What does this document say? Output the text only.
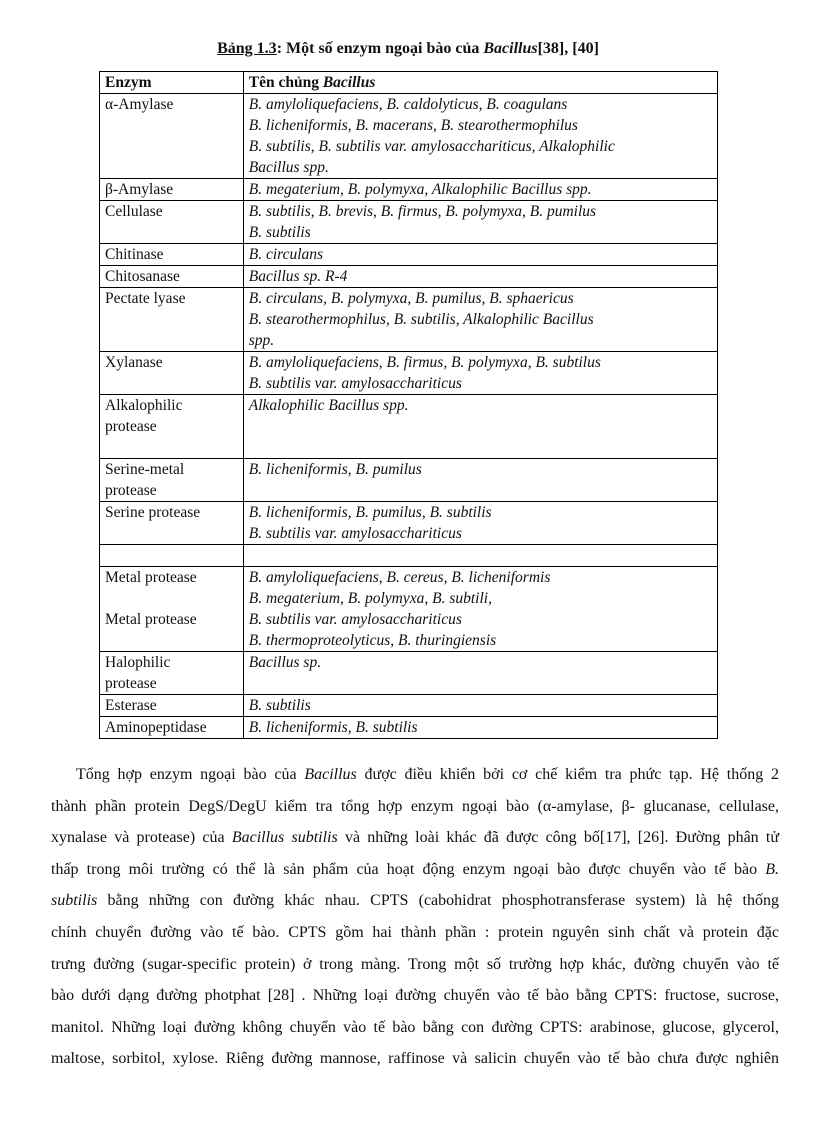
Bảng 1.3: Một số enzym ngoại bào của Bacillus[38], [40]
Enzym	Tên chủng Bacillus

α-Amylase	B. amyloliquefaciens, B. caldolyticus, B. coagulans
B. licheniformis, B. macerans, B. stearothermophilus
B. subtilis, B. subtilis var. amylosacchariticus, Alkalophilic
Bacillus spp.

β-Amylase	B. megaterium, B. polymyxa, Alkalophilic Bacillus spp.

Cellulase	B. subtilis, B. brevis, B. firmus, B. polymyxa, B. pumilus
B. subtilis

Chitinase	B. circulans

Chitosanase	Bacillus sp. R-4

Pectate lyase	B. circulans, B. polymyxa, B. pumilus, B. sphaericus
B. stearothermophilus, B. subtilis, Alkalophilic Bacillus
spp.

Xylanase	B. amyloliquefaciens, B. firmus, B. polymyxa, B. subtilus
B. subtilis var. amylosacchariticus

Alkalophilic
protease	Alkalophilic Bacillus spp.

Serine-metal
protease	B. licheniformis, B. pumilus

Serine protease	B. licheniformis, B. pumilus, B. subtilis
B. subtilis var. amylosacchariticus

Metal protease

Metal protease	B. amyloliquefaciens, B. cereus, B. licheniformis
B. megaterium, B. polymyxa, B. subtili,
B. subtilis var. amylosacchariticus
B. thermoproteolyticus, B. thuringiensis

Halophilic
protease	Bacillus sp.

Esterase	B. subtilis

Aminopeptidase	B. licheniformis, B. subtilis
Tổng hợp enzym ngoại bào của Bacillus được điều khiển bởi cơ chế kiểm tra phức tạp. Hệ thống 2
thành phần protein DegS/DegU kiểm tra tổng hợp enzym ngoại bào (α-amylase, β- glucanase, cellulase,
xynalase và protease) của Bacillus subtilis và những loài khác đã được công bố[17], [26]. Đường phân tử
thấp trong môi trường có thể là sản phẩm của hoạt động enzym ngoại bào được chuyển vào tế bào B.
subtilis bằng những con đường khác nhau. CPTS (cabohidrat phosphotransferase system) là hệ thống
chính chuyển đường vào tế bào. CPTS gồm hai thành phần : protein nguyên sinh chất và protein đặc
trưng đường (sugar-specific protein) ở trong màng. Trong một số trường hợp khác, đường chuyển vào tế
bào dưới dạng đường photphat [28] . Những loại đường chuyển vào tế bào bằng CPTS: fructose, sucrose,
manitol. Những loại đường không chuyển vào tế bào bằng con đường CPTS: arabinose, glucose, glycerol,
maltose, sorbitol, xylose. Riêng đường mannose, raffinose và salicin chuyển vào tế bào chưa được nghiên
